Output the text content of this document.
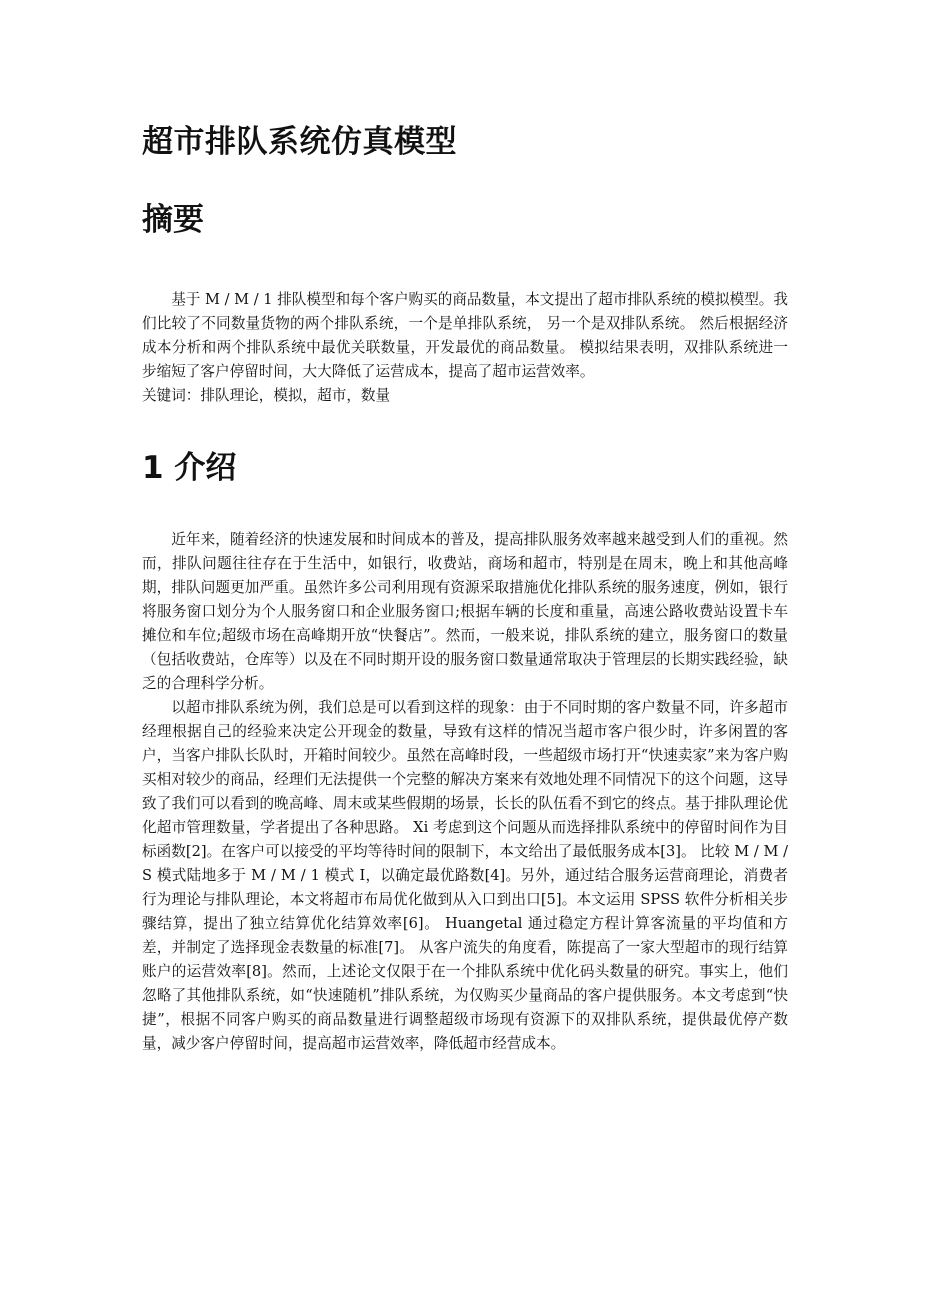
超市排队系统仿真模型
摘要

基于 M / M / 1 排队模型和每个客户购买的商品数量，本文提出了超市排队系统的模拟模型。我们比较了不同数量货物的两个排队系统，一个是单排队系统， 另一个是双排队系统。 然后根据经济成本分析和两个排队系统中最优关联数量，开发最优的商品数量。 模拟结果表明，双排队系统进一步缩短了客户停留时间，大大降低了运营成本，提高了超市运营效率。

关键词：排队理论，模拟，超市，数量

1 介绍

近年来，随着经济的快速发展和时间成本的普及，提高排队服务效率越来越受到人们的重视。然而，排队问题往往存在于生活中，如银行，收费站，商场和超市，特别是在周末，晚上和其他高峰期，排队问题更加严重。虽然许多公司利用现有资源采取措施优化排队系统的服务速度，例如，银行将服务窗口划分为个人服务窗口和企业服务窗口;根据车辆的长度和重量，高速公路收费站设置卡车摊位和车位;超级市场在高峰期开放“快餐店”。然而，一般来说，排队系统的建立，服务窗口的数量（包括收费站，仓库等）以及在不同时期开设的服务窗口数量通常取决于管理层的长期实践经验，缺乏的合理科学分析。

以超市排队系统为例，我们总是可以看到这样的现象：由于不同时期的客户数量不同，许多超市经理根据自己的经验来决定公开现金的数量，导致有这样的情况当超市客户很少时，许多闲置的客户，当客户排队长队时，开箱时间较少。虽然在高峰时段，一些超级市场打开“快速卖家”来为客户购买相对较少的商品，经理们无法提供一个完整的解决方案来有效地处理不同情况下的这个问题，这导致了我们可以看到的晚高峰、周末或某些假期的场景，长长的队伍看不到它的终点。基于排队理论优化超市管理数量，学者提出了各种思路。 Xi 考虑到这个问题从而选择排队系统中的停留时间作为目标函数[2]。在客户可以接受的平均等待时间的限制下，本文给出了最低服务成本[3]。 比较 M / M / S 模式陆地多于 M / M / 1 模式 I，以确定最优路数[4]。另外，通过结合服务运营商理论，消费者行为理论与排队理论，本文将超市布局优化做到从入口到出口[5]。本文运用 SPSS 软件分析相关步骤结算，提出了独立结算优化结算效率[6]。 Huangetal 通过稳定方程计算客流量的平均值和方差，并制定了选择现金表数量的标准[7]。 从客户流失的角度看，陈提高了一家大型超市的现行结算账户的运营效率[8]。然而，上述论文仅限于在一个排队系统中优化码头数量的研究。事实上，他们忽略了其他排队系统，如“快速随机”排队系统，为仅购买少量商品的客户提供服务。本文考虑到“快捷”，根据不同客户购买的商品数量进行调整超级市场现有资源下的双排队系统，提供最优停产数量，减少客户停留时间，提高超市运营效率，降低超市经营成本。
